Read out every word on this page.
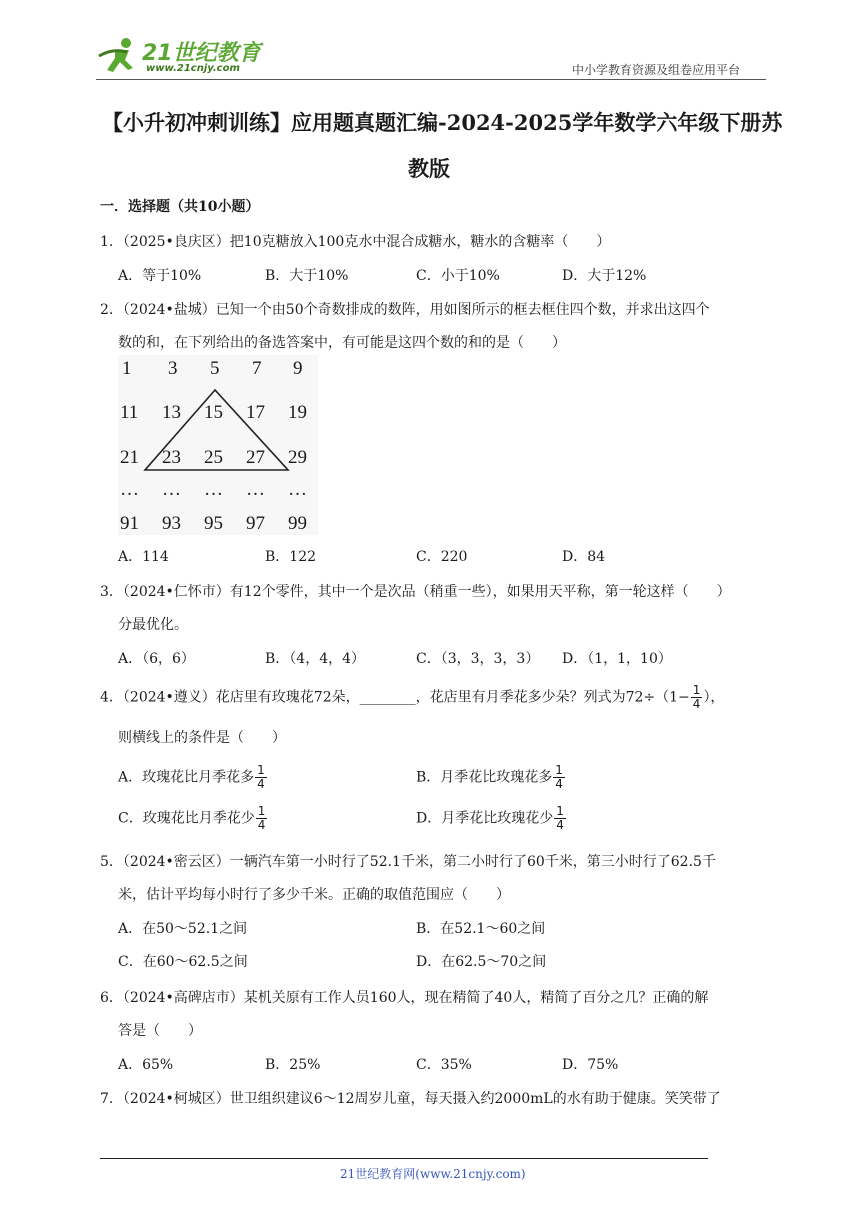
21世纪教育
www.21cnjy.com	中小学教育资源及组卷应用平台
【小升初冲刺训练】应用题真题汇编-2024-2025学年数学六年级下册苏
教版
一．选择题（共10小题）
1．（2025•良庆区）把10克糖放入100克水中混合成糖水，糖水的含糖率（　　）
A．等于10%	B．大于10%	C．小于10%	D．大于12%
2．（2024•盐城）已知一个由50个奇数排成的数阵，用如图所示的框去框住四个数，并求出这四个
数的和，在下列给出的备选答案中，有可能是这四个数的和的是（　　）
1 3 5 7 9
11 13 15 17 19
21 23 25 27 29
… … … … …
91 93 95 97 99
A．114	B．122	C．220	D．84
3．（2024•仁怀市）有12个零件，其中一个是次品（稍重一些），如果用天平称，第一轮这样（　　）
分最优化。
A．（6，6）	B．（4，4，4）	C．（3，3，3，3） D．（1，1，10）
4．（2024•遵义）花店里有玫瑰花72朵，________，花店里有月季花多少朵？列式为$72\div(1- \frac{1}{4}$ ），
则横线上的条件是（　　）
A．玫瑰花比月季花多 $\frac{1}{4}$	B．月季花比玫瑰花多 $\frac{1}{4}$
C．玫瑰花比月季花少 $\frac{1}{4}$	D．月季花比玫瑰花少 $\frac{1}{4}$
5．（2024•密云区）一辆汽车第一小时行了52.1千米，第二小时行了60千米，第三小时行了62.5千
米，估计平均每小时行了多少千米。正确的取值范围应（　　）
A．在50～52.1之间	B．在52.1～60之间
C．在60～62.5之间	D．在62.5～70之间
6．（2024•高碑店市）某机关原有工作人员160人，现在精简了40人，精简了百分之几？正确的解
答是（　　）
A．65%	B．25%	C．35%	D．75%
7．（2024•柯城区）世卫组织建议6～12周岁儿童，每天摄入约2000mL的水有助于健康。笑笑带了
21世纪教育网(www.21cnjy.com)
